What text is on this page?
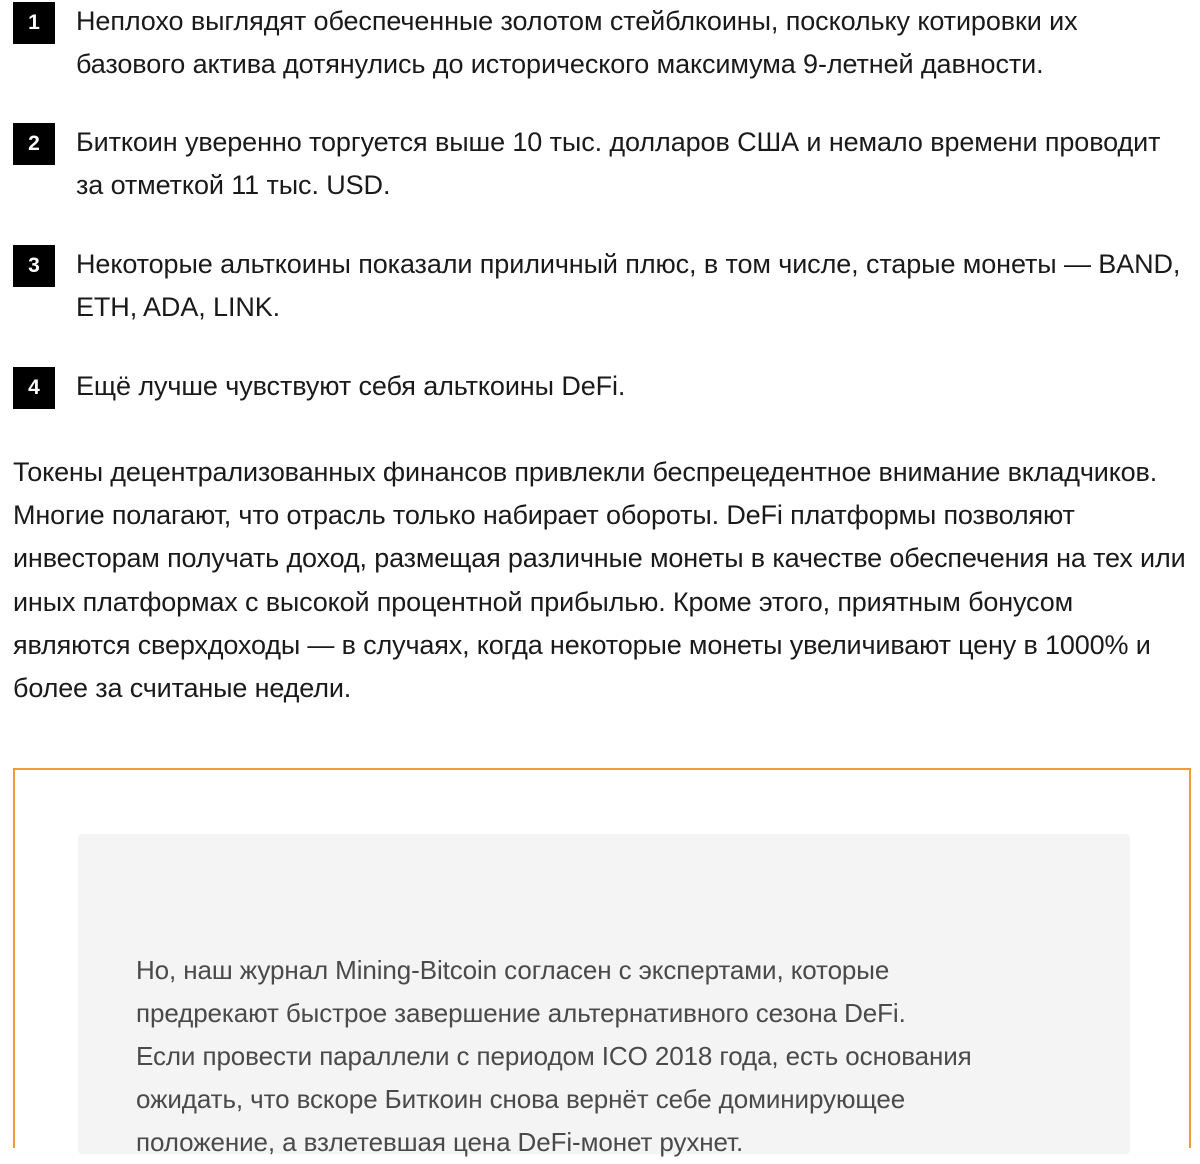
1	Неплохо выглядят обеспеченные золотом стейблкоины, поскольку котировки их базового актива дотянулись до исторического максимума 9-летней давности.
2	Биткоин уверенно торгуется выше 10 тыс. долларов США и немало времени проводит за отметкой 11 тыс. USD.
3	Некоторые альткоины показали приличный плюс, в том числе, старые монеты — BAND, ETH, ADA, LINK.
4	Ещё лучше чувствуют себя альткоины DeFi.

Токены децентрализованных финансов привлекли беспрецедентное внимание вкладчиков. Многие полагают, что отрасль только набирает обороты. DeFi платформы позволяют инвесторам получать доход, размещая различные монеты в качестве обеспечения на тех или иных платформах с высокой процентной прибылью. Кроме этого, приятным бонусом являются сверхдоходы — в случаях, когда некоторые монеты увеличивают цену в 1000% и более за считаные недели.

Но, наш журнал Mining-Bitcoin согласен с экспертами, которые
предрекают быстрое завершение альтернативного сезона DeFi.
Если провести параллели с периодом ICO 2018 года, есть основания
ожидать, что вскоре Биткоин снова вернёт себе доминирующее
положение, а взлетевшая цена DeFi-монет рухнет.
